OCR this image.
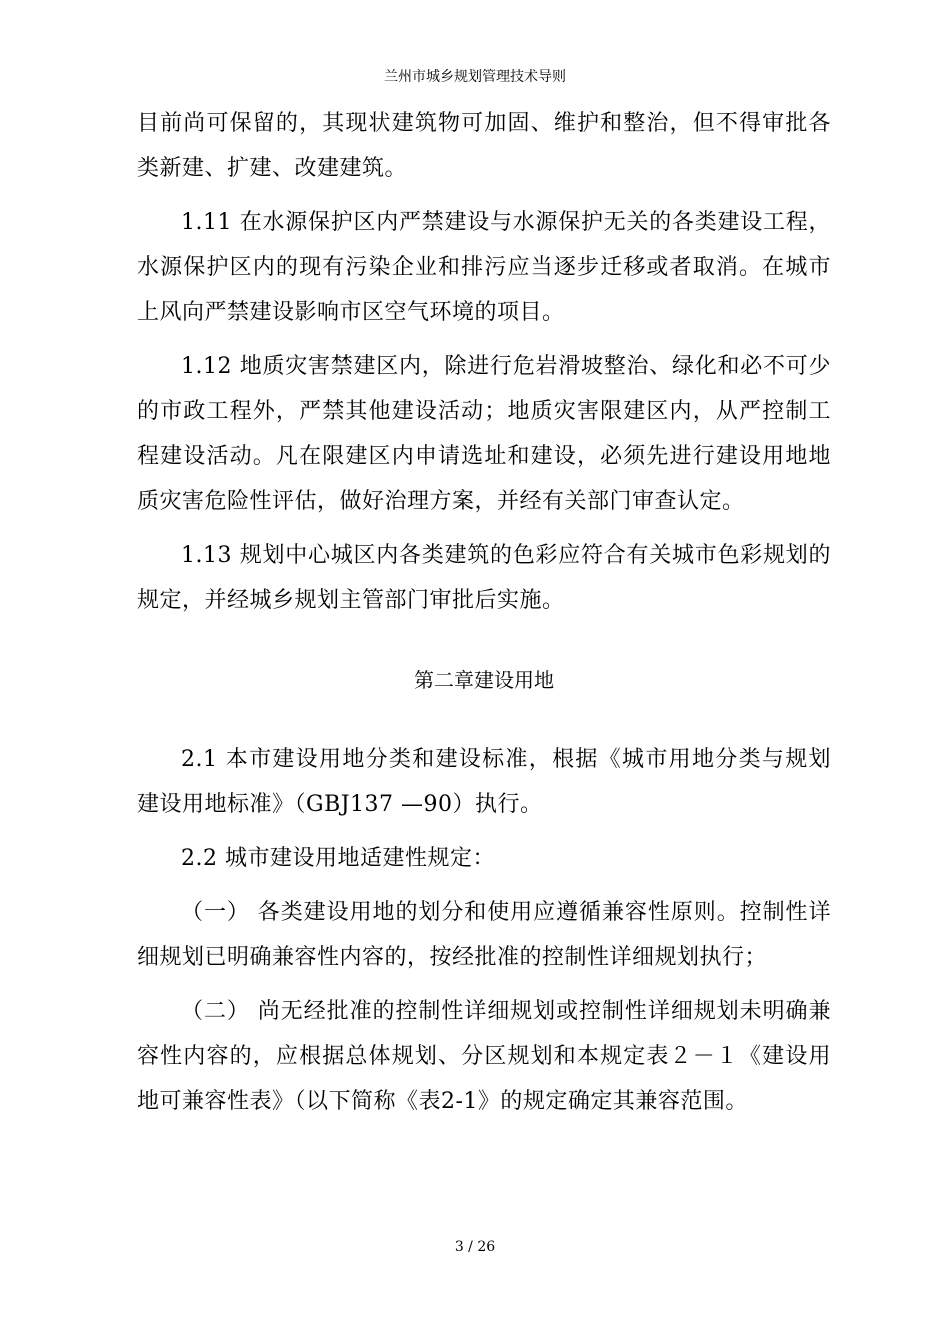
兰州市城乡规划管理技术导则

目前尚可保留的，其现状建筑物可加固、维护和整治，但不得审批各类新建、扩建、改建建筑。

1.11 在水源保护区内严禁建设与水源保护无关的各类建设工程，水源保护区内的现有污染企业和排污应当逐步迁移或者取消。在城市上风向严禁建设影响市区空气环境的项目。

1.12 地质灾害禁建区内，除进行危岩滑坡整治、绿化和必不可少的市政工程外，严禁其他建设活动；地质灾害限建区内，从严控制工程建设活动。凡在限建区内申请选址和建设，必须先进行建设用地地质灾害危险性评估，做好治理方案，并经有关部门审查认定。

1.13 规划中心城区内各类建筑的色彩应符合有关城市色彩规划的规定，并经城乡规划主管部门审批后实施。

第二章建设用地

2.1 本市建设用地分类和建设标准，根据《城市用地分类与规划建设用地标准》（GBJ137 —90）执行。

2.2 城市建设用地适建性规定：

（一） 各类建设用地的划分和使用应遵循兼容性原则。控制性详细规划已明确兼容性内容的，按经批准的控制性详细规划执行；

（二） 尚无经批准的控制性详细规划或控制性详细规划未明确兼容性内容的，应根据总体规划、分区规划和本规定表２－１《建设用地可兼容性表》（以下简称《表2-1》的规定确定其兼容范围。

3 / 26
